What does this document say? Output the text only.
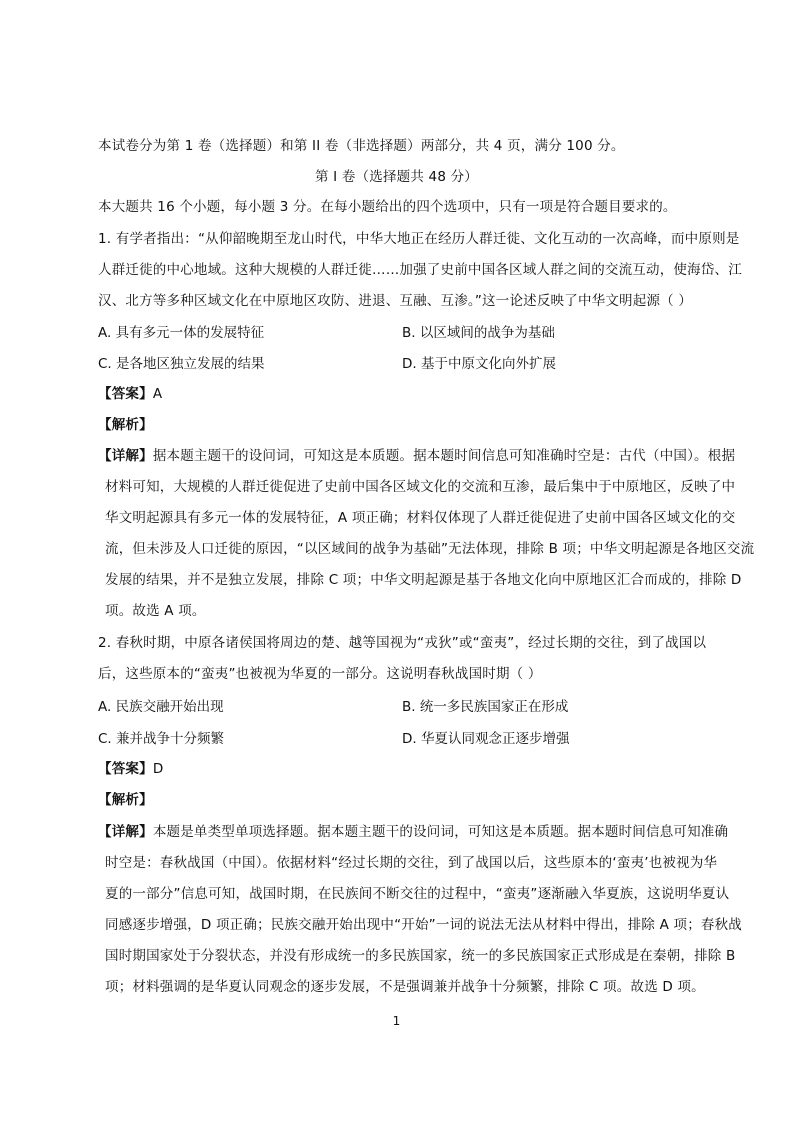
本试卷分为第 1 卷（选择题）和第 II 卷（非选择题）两部分，共 4 页，满分 100 分。
第 I 卷（选择题共 48 分）
本大题共 16 个小题，每小题 3 分。在每小题给出的四个选项中，只有一项是符合题目要求的。
1. 有学者指出：“从仰韶晚期至龙山时代，中华大地正在经历人群迁徙、文化互动的一次高峰，而中原则是
人群迁徙的中心地域。这种大规模的人群迁徙……加强了史前中国各区域人群之间的交流互动，使海岱、江
汉、北方等多种区域文化在中原地区攻防、进退、互融、互渗。”这一论述反映了中华文明起源（ ）
A. 具有多元一体的发展特征	B. 以区域间的战争为基础
C. 是各地区独立发展的结果	D. 基于中原文化向外扩展
【答案】A
【解析】
【详解】据本题主题干的设问词，可知这是本质题。据本题时间信息可知准确时空是：古代（中国）。根据
材料可知，大规模的人群迁徙促进了史前中国各区域文化的交流和互渗，最后集中于中原地区，反映了中
华文明起源具有多元一体的发展特征，A 项正确；材料仅体现了人群迁徙促进了史前中国各区域文化的交
流，但未涉及人口迁徙的原因，“以区域间的战争为基础”无法体现，排除 B 项；中华文明起源是各地区交流
发展的结果，并不是独立发展，排除 C 项；中华文明起源是基于各地文化向中原地区汇合而成的，排除 D
项。故选 A 项。
2. 春秋时期，中原各诸侯国将周边的楚、越等国视为“戎狄”或“蛮夷”，经过长期的交往，到了战国以
后，这些原本的“蛮夷”也被视为华夏的一部分。这说明春秋战国时期（ ）
A. 民族交融开始出现	B. 统一多民族国家正在形成
C. 兼并战争十分频繁	D. 华夏认同观念正逐步增强
【答案】D
【解析】
【详解】本题是单类型单项选择题。据本题主题干的设问词，可知这是本质题。据本题时间信息可知准确
时空是：春秋战国（中国）。依据材料“经过长期的交往，到了战国以后，这些原本的‘蛮夷’也被视为华
夏的一部分”信息可知，战国时期，在民族间不断交往的过程中，“蛮夷”逐渐融入华夏族，这说明华夏认
同感逐步增强，D 项正确；民族交融开始出现中“开始”一词的说法无法从材料中得出，排除 A 项；春秋战
国时期国家处于分裂状态，并没有形成统一的多民族国家，统一的多民族国家正式形成是在秦朝，排除 B
项；材料强调的是华夏认同观念的逐步发展，不是强调兼并战争十分频繁，排除 C 项。故选 D 项。
1
